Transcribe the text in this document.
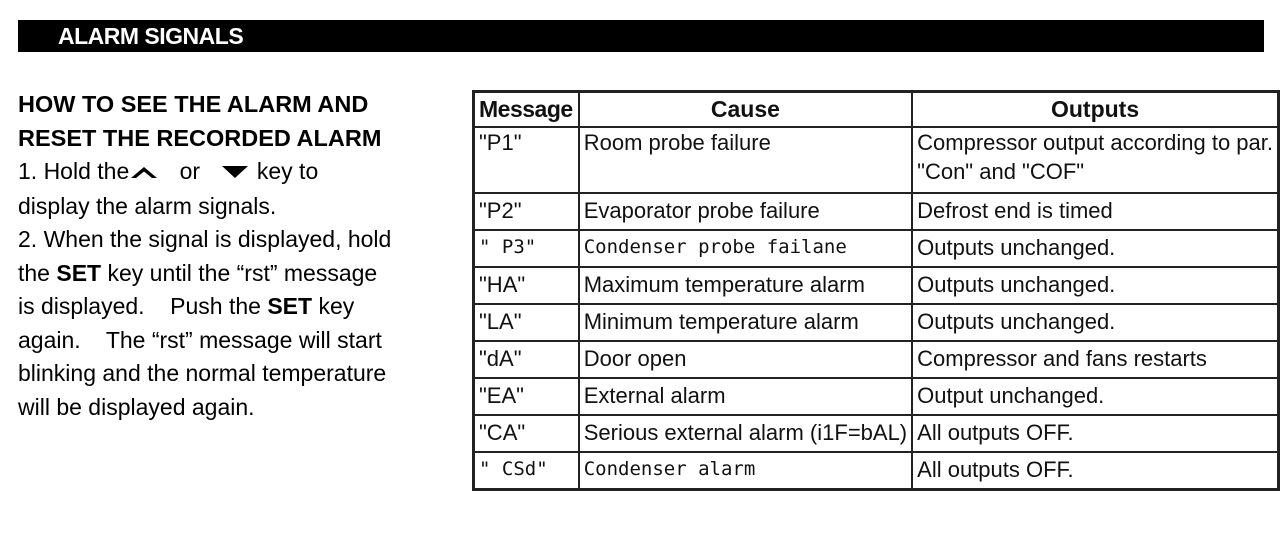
ALARM SIGNALS
HOW TO SEE THE ALARM AND
RESET THE RECORDED ALARM
1. Hold the or key to
display the alarm signals.
2. When the signal is displayed, hold
the SET key until the “rst” message
is displayed. Push the SET key
again. The “rst” message will start
blinking and the normal temperature
will be displayed again.
Message	Cause	Outputs
"P1"	Room probe failure	Compressor output according to par.
"Con" and "COF"

"P2"	Evaporator probe failure	Defrost end is timed
" P3"	Condenser probe failane	Outputs unchanged.
"HA"	Maximum temperature alarm	Outputs unchanged.
"LA"	Minimum temperature alarm	Outputs unchanged.
"dA"	Door open	Compressor and fans restarts
"EA"	External alarm	Output unchanged.
"CA"	Serious external alarm (i1F=bAL)	All outputs OFF.
" CSd"	Condenser alarm	All outputs OFF.
